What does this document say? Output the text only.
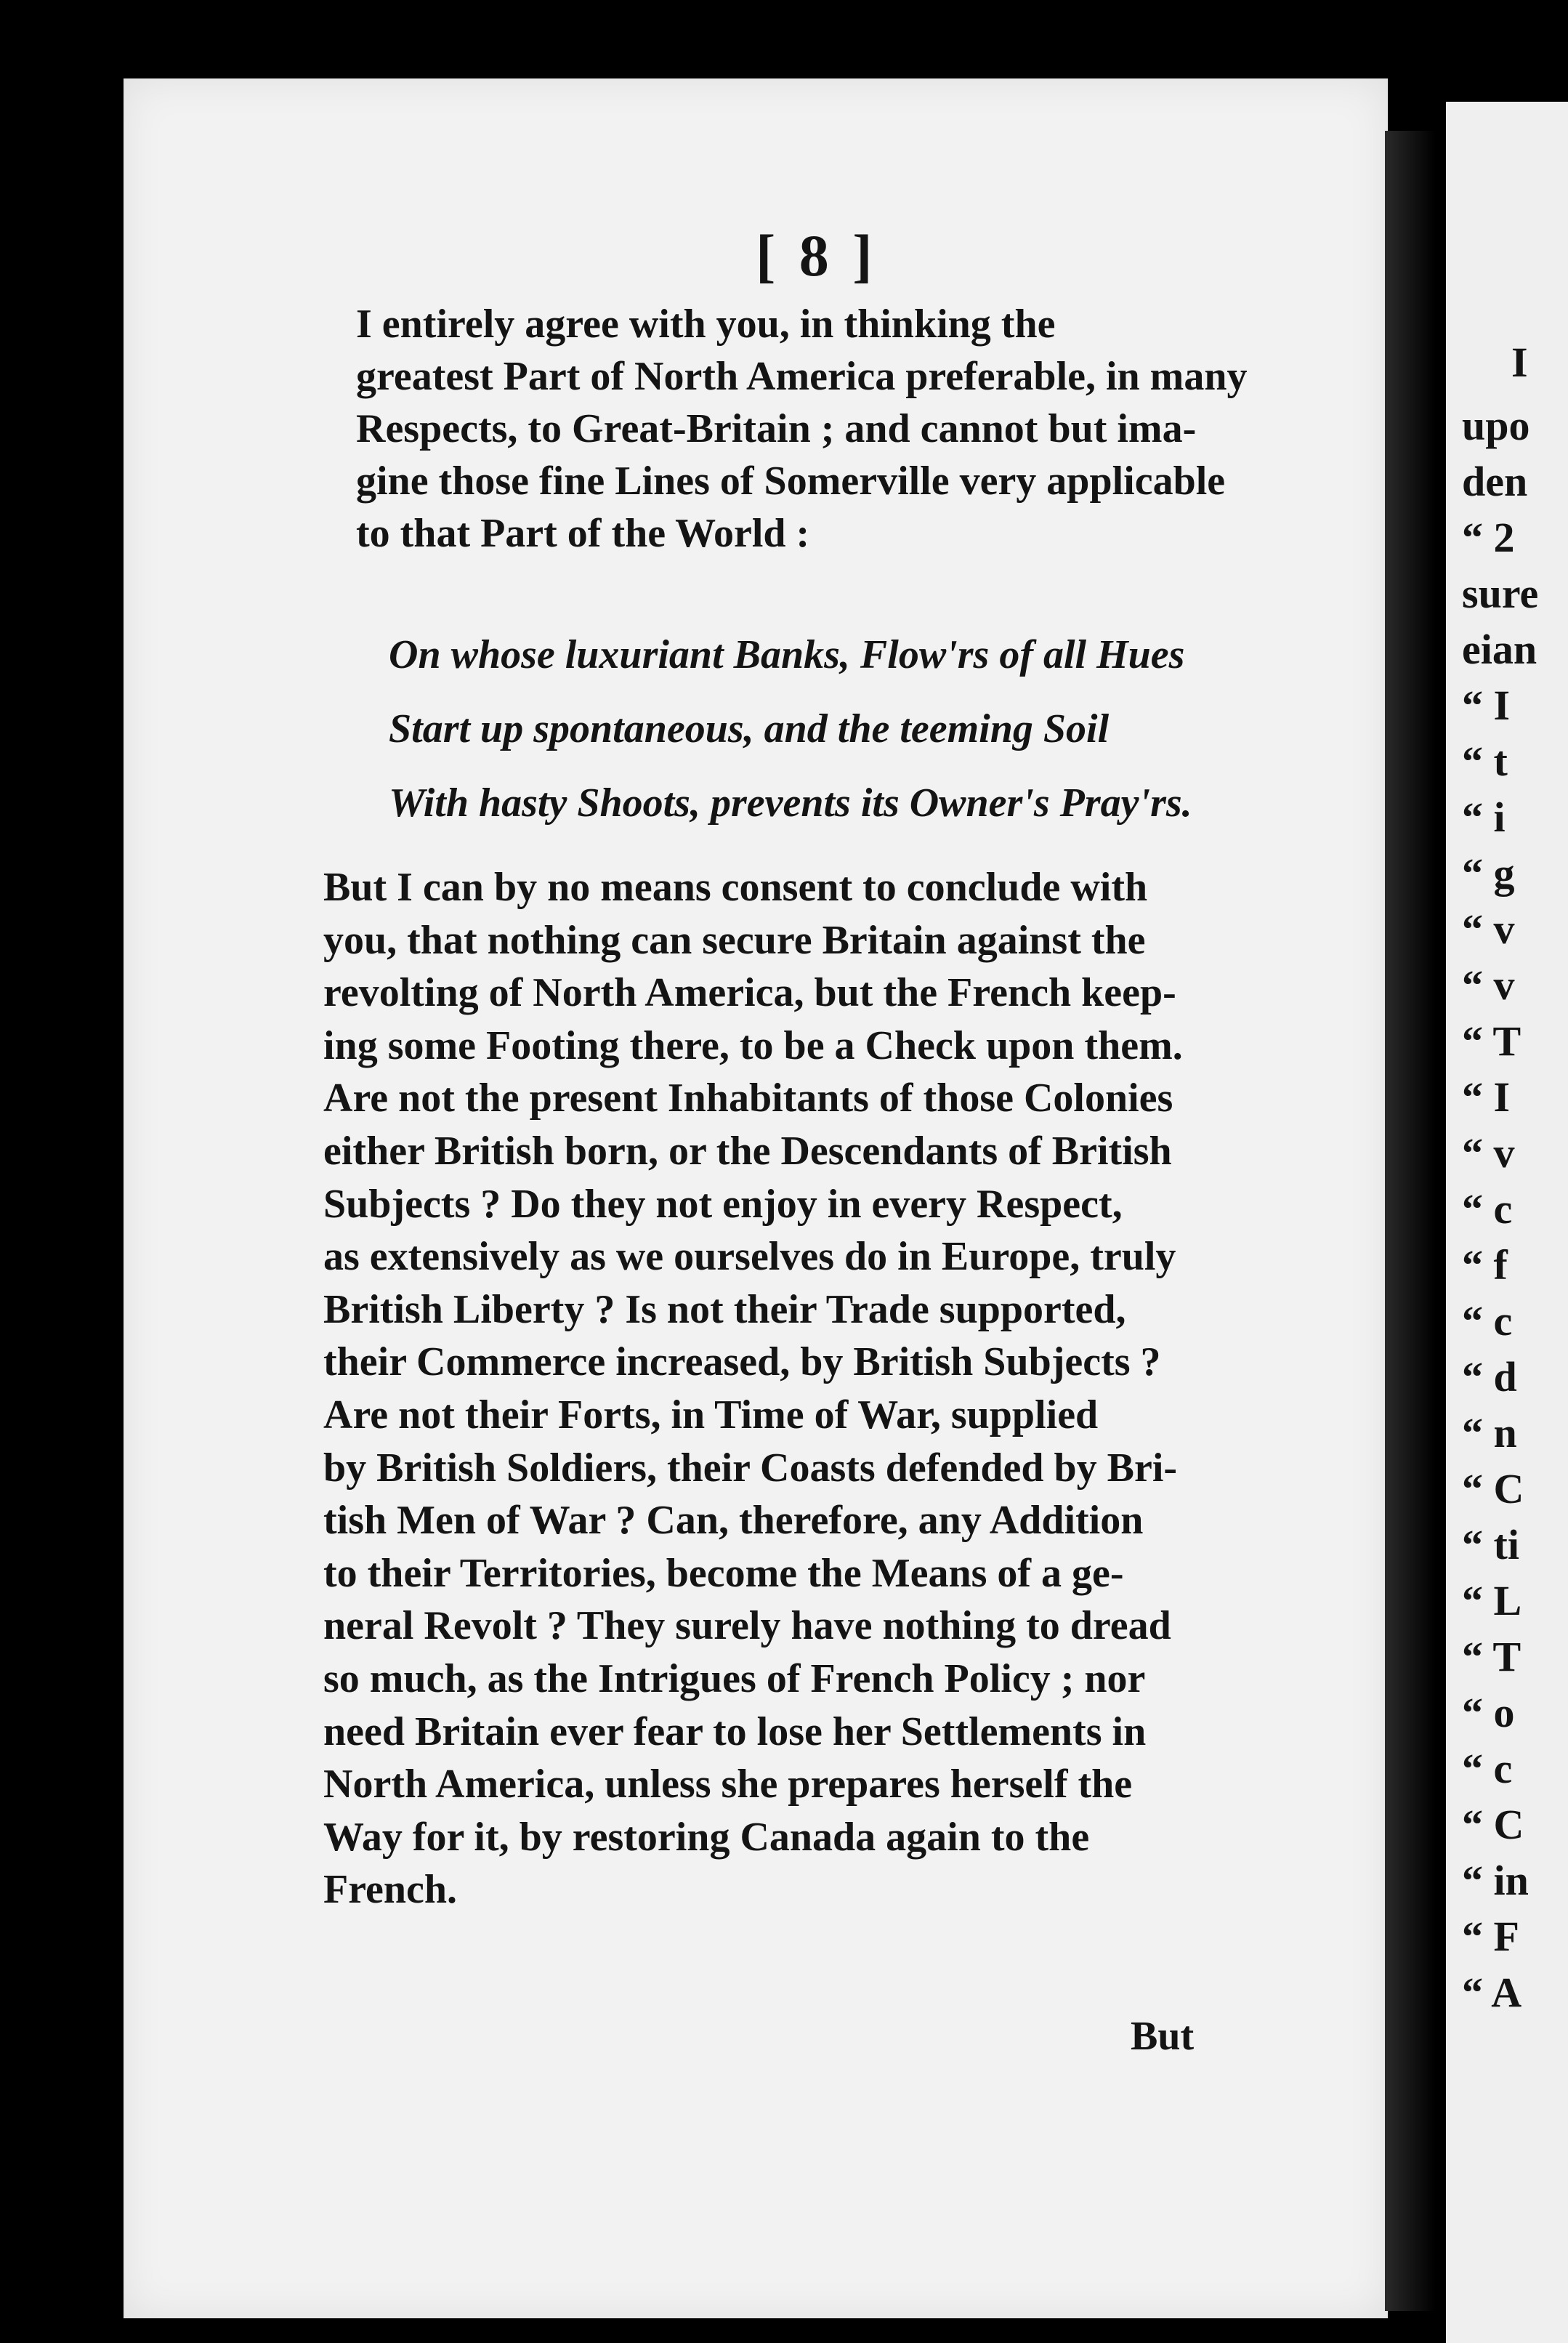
I
upo
den
“ 2
sure
eian
“ I
“ t
“ i
“ g
“ v
“ v
“ T
“ I
“ v
“ c
“ f
“ c
“ d
“ n
“ C
“ ti
“ L
“ T
“ o
“ c
“ C
“ in
“ F
“ A
[ 8 ]
I entirely agree with you, in thinking the
greatest Part of North America preferable, in many
Respects, to Great-Britain ; and cannot but ima-
gine those fine Lines of Somerville very applicable
to that Part of the World :
On whose luxuriant Banks, Flow'rs of all Hues
Start up spontaneous, and the teeming Soil
With hasty Shoots, prevents its Owner's Pray'rs.
But I can by no means consent to conclude with
you, that nothing can secure Britain against the
revolting of North America, but the French keep-
ing some Footing there, to be a Check upon them.
Are not the present Inhabitants of those Colonies
either British born, or the Descendants of British
Subjects ? Do they not enjoy in every Respect,
as extensively as we ourselves do in Europe, truly
British Liberty ? Is not their Trade supported,
their Commerce increased, by British Subjects ?
Are not their Forts, in Time of War, supplied
by British Soldiers, their Coasts defended by Bri-
tish Men of War ? Can, therefore, any Addition
to their Territories, become the Means of a ge-
neral Revolt ? They surely have nothing to dread
so much, as the Intrigues of French Policy ; nor
need Britain ever fear to lose her Settlements in
North America, unless she prepares herself the
Way for it, by restoring Canada again to the
French.
But
